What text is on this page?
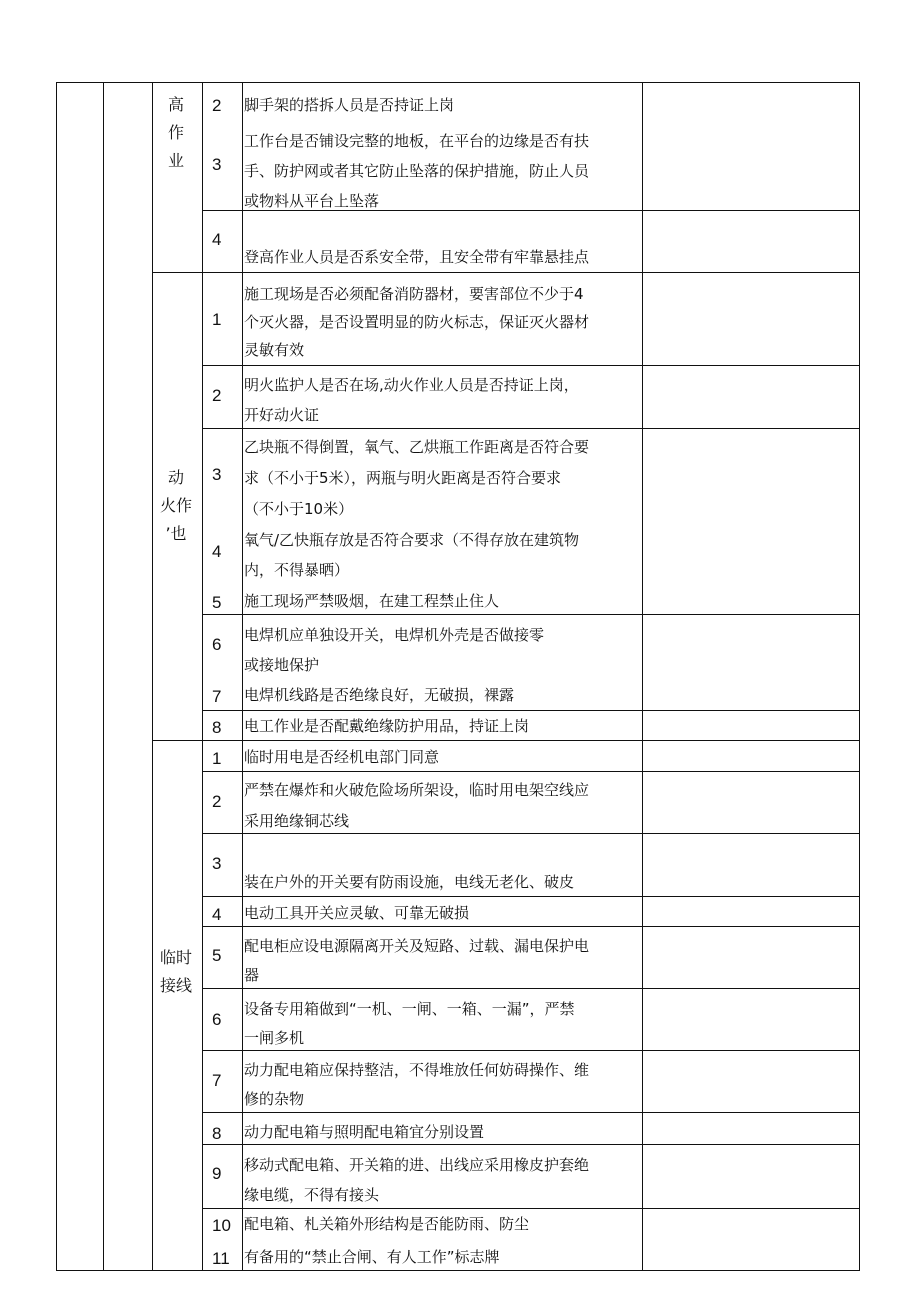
高
作
业
动
火作
’也
临时
接线
2 脚手架的搭拆人员是否持证上岗
3
工作台是否铺设完整的地板，在平台的边缘是否有扶
手、防护网或者其它防止坠落的保护措施，防止人员
或物料从平台上坠落
4
登高作业人员是否系安全带，且安全带有牢靠悬挂点
1
施工现场是否必须配备消防器材，要害部位不少于4
个灭火器，是否设置明显的防火标志，保证灭火器材
灵敏有效
2
明火监护人是否在场,动火作业人员是否持证上岗，
开好动火证
3
乙块瓶不得倒置，氧气、乙烘瓶工作距离是否符合要
求（不小于5米），两瓶与明火距离是否符合要求
（不小于10米）
4
氧气/乙快瓶存放是否符合要求（不得存放在建筑物
内，不得暴晒）
5 施工现场严禁吸烟，在建工程禁止住人
6 电焊机应单独设开关，电焊机外壳是否做接零
或接地保护
7 电焊机线路是否绝缘良好，无破损，裸露
8 电工作业是否配戴绝缘防护用品，持证上岗
1 临时用电是否经机电部门同意
2
严禁在爆炸和火破危险场所架设，临时用电架空线应
采用绝缘铜芯线
3
装在户外的开关要有防雨设施，电线无老化、破皮
4 电动工具开关应灵敏、可靠无破损
5 配电柜应设电源隔离开关及短路、过载、漏电保护电
器
6
设备专用箱做到“一机、一闸、一箱、一漏”，严禁
一闸多机
7
动力配电箱应保持整洁，不得堆放任何妨碍操作、维
修的杂物
8 动力配电箱与照明配电箱宜分别设置
9 移动式配电箱、开关箱的进、出线应采用橡皮护套绝
缘电缆，不得有接头
10 配电箱、札关箱外形结构是否能防雨、防尘
11 有备用的“禁止合闸、有人工作”标志牌
